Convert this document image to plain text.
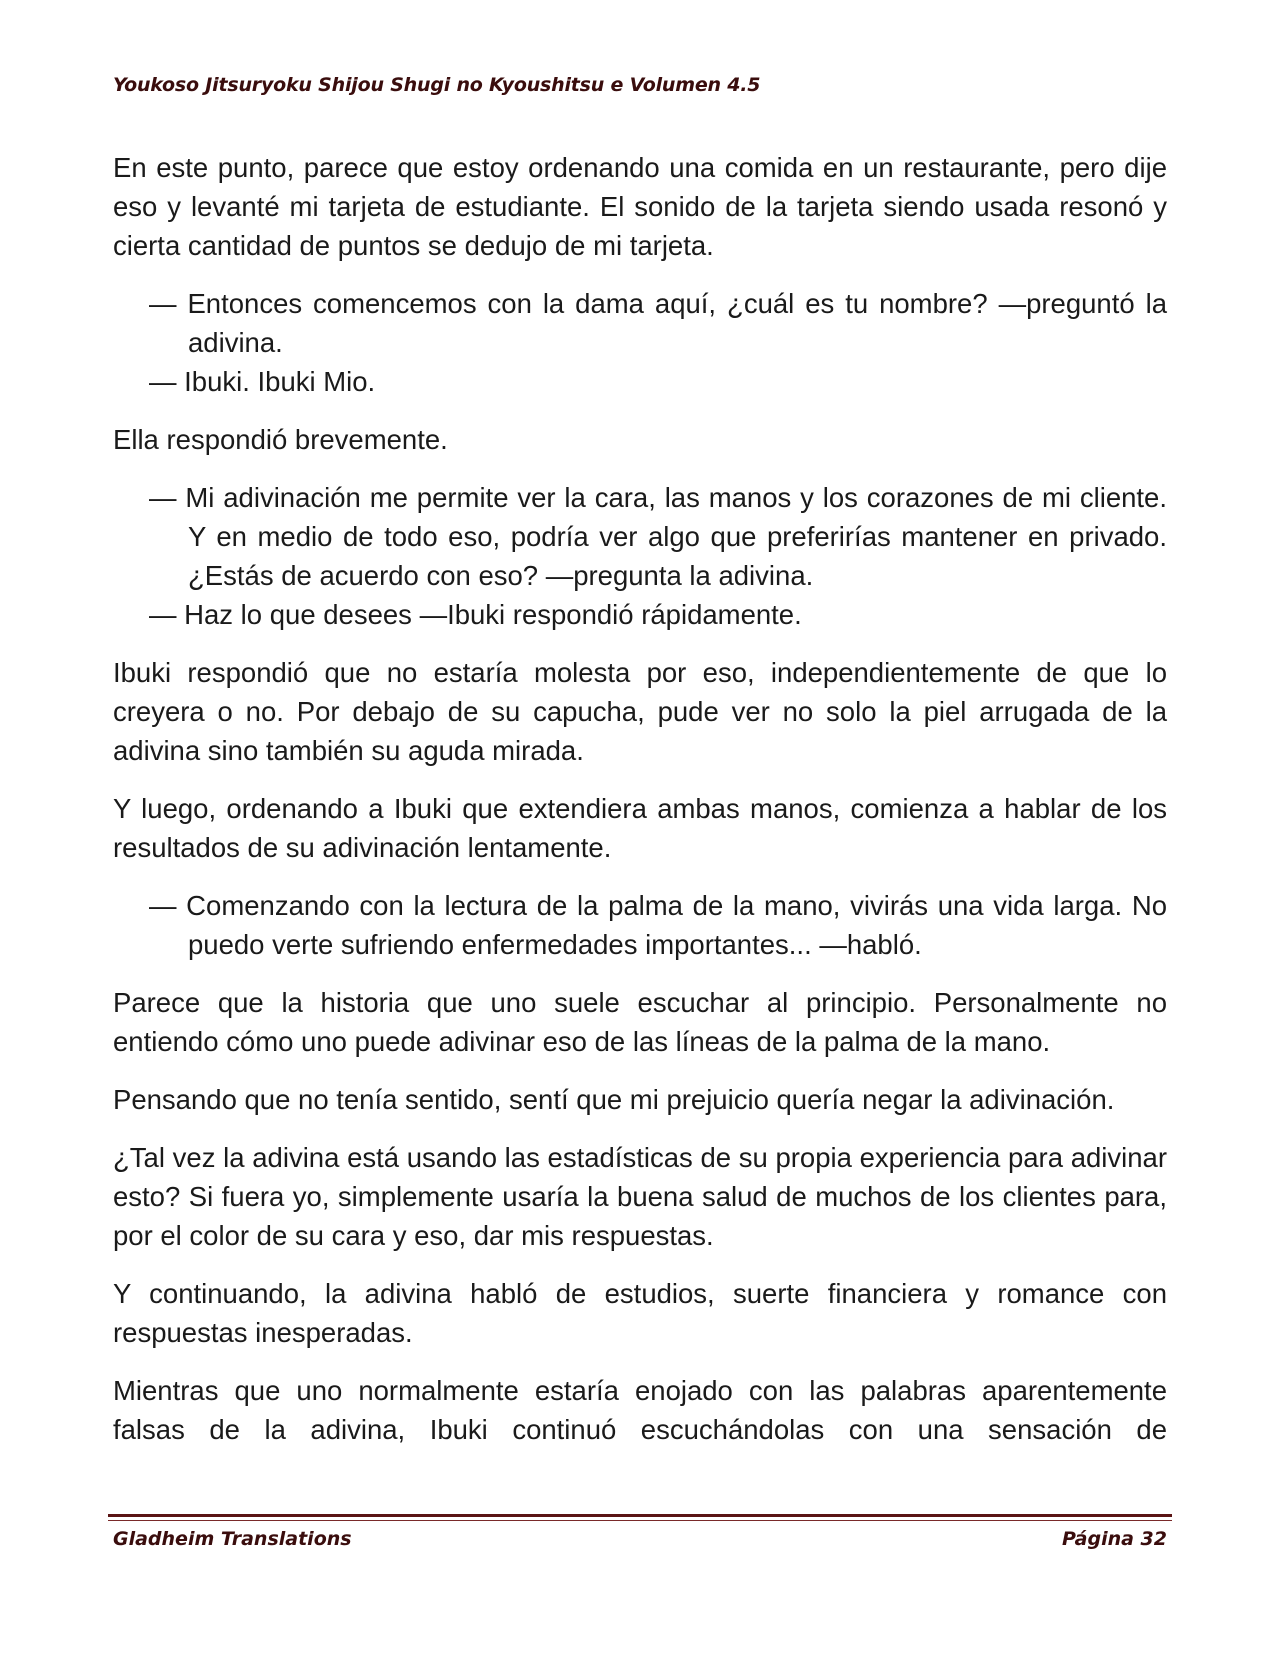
Youkoso Jitsuryoku Shijou Shugi no Kyoushitsu e Volumen 4.5

En este punto, parece que estoy ordenando una comida en un restaurante, pero dije eso y levanté mi tarjeta de estudiante. El sonido de la tarjeta siendo usada resonó y cierta cantidad de puntos se dedujo de mi tarjeta.

— Entonces comencemos con la dama aquí, ¿cuál es tu nombre? —preguntó la adivina.

— Ibuki. Ibuki Mio.

Ella respondió brevemente.

— Mi adivinación me permite ver la cara, las manos y los corazones de mi cliente. Y en medio de todo eso, podría ver algo que preferirías mantener en privado. ¿Estás de acuerdo con eso? —pregunta la adivina.

— Haz lo que desees —Ibuki respondió rápidamente.

Ibuki respondió que no estaría molesta por eso, independientemente de que lo creyera o no. Por debajo de su capucha, pude ver no solo la piel arrugada de la adivina sino también su aguda mirada.

Y luego, ordenando a Ibuki que extendiera ambas manos, comienza a hablar de los resultados de su adivinación lentamente.

— Comenzando con la lectura de la palma de la mano, vivirás una vida larga. No puedo verte sufriendo enfermedades importantes... —habló.

Parece que la historia que uno suele escuchar al principio. Personalmente no entiendo cómo uno puede adivinar eso de las líneas de la palma de la mano.

Pensando que no tenía sentido, sentí que mi prejuicio quería negar la adivinación.

¿Tal vez la adivina está usando las estadísticas de su propia experiencia para adivinar esto? Si fuera yo, simplemente usaría la buena salud de muchos de los clientes para, por el color de su cara y eso, dar mis respuestas.

Y continuando, la adivina habló de estudios, suerte financiera y romance con respuestas inesperadas.

Mientras que uno normalmente estaría enojado con las palabras aparentemente falsas de la adivina, Ibuki continuó escuchándolas con una sensación de

Gladheim Translations	Página 32
